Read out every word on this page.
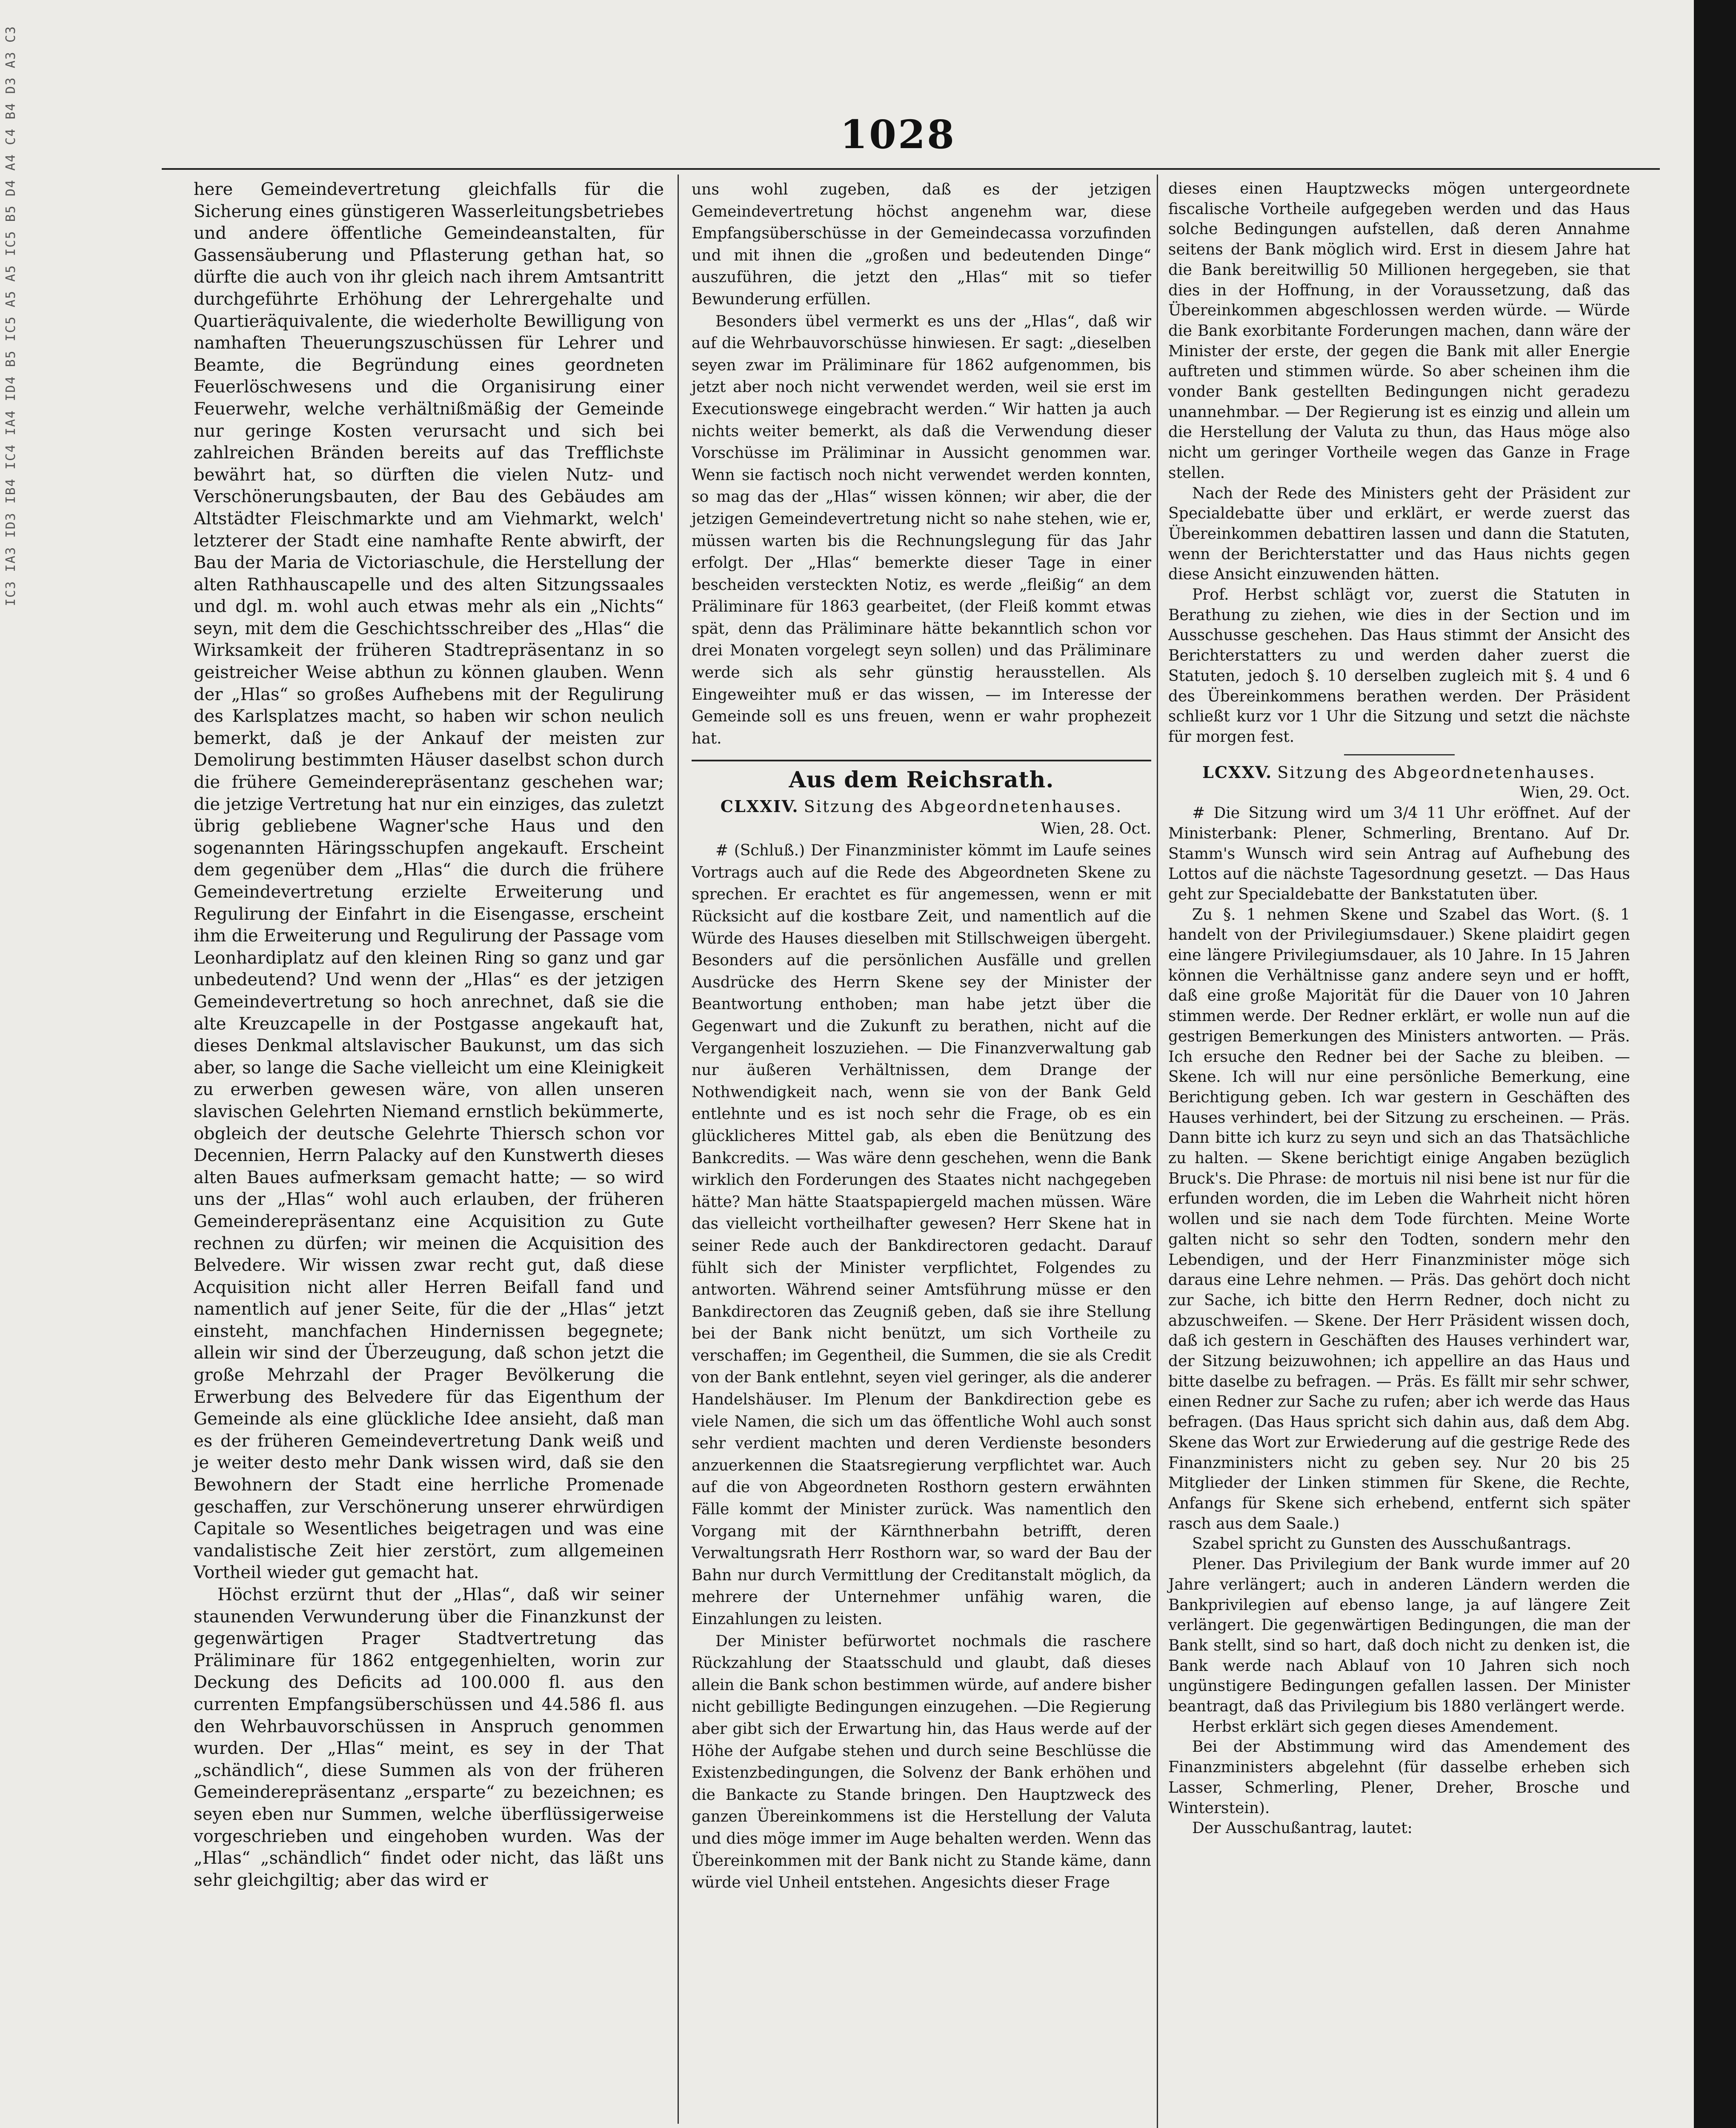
IC3 IA3 ID3 IB4 IC4 IA4 ID4 B5 IC5 A5 A5 IC5 B5 D4 A4 C4 B4 D3 A3 C3	1028

here Gemeindevertretung gleichfalls für die Sicherung eines günstigeren Wasserleitungsbetriebes und andere öffentliche Gemeindeanstalten, für Gassensäuberung und Pflasterung gethan hat, so dürfte die auch von ihr gleich nach ihrem Amtsantritt durchgeführte Erhöhung der Lehrergehalte und Quartieräquivalente, die wiederholte Bewilligung von namhaften Theuerungszuschüssen für Lehrer und Beamte, die Begründung eines geordneten Feuerlöschwesens und die Organisirung einer Feuerwehr, welche verhältnißmäßig der Gemeinde nur geringe Kosten verursacht und sich bei zahlreichen Bränden bereits auf das Trefflichste bewährt hat, so dürften die vielen Nutz- und Verschönerungsbauten, der Bau des Gebäudes am Altstädter Fleischmarkte und am Viehmarkt, welch' letzterer der Stadt eine namhafte Rente abwirft, der Bau der Maria de Victoriaschule, die Herstellung der alten Rathhauscapelle und des alten Sitzungssaales und dgl. m. wohl auch etwas mehr als ein „Nichts“ seyn, mit dem die Geschichtsschreiber des „Hlas“ die Wirksamkeit der früheren Stadtrepräsentanz in so geistreicher Weise abthun zu können glauben. Wenn der „Hlas“ so großes Aufhebens mit der Regulirung des Karlsplatzes macht, so haben wir schon neulich bemerkt, daß je der Ankauf der meisten zur Demolirung bestimmten Häuser daselbst schon durch die frühere Gemeinderepräsentanz geschehen war; die jetzige Vertretung hat nur ein einziges, das zuletzt übrig gebliebene Wagner'sche Haus und den sogenannten Häringsschupfen angekauft. Erscheint dem gegenüber dem „Hlas“ die durch die frühere Gemeindevertretung erzielte Erweiterung und Regulirung der Einfahrt in die Eisengasse, erscheint ihm die Erweiterung und Regulirung der Passage vom Leonhardiplatz auf den kleinen Ring so ganz und gar unbedeutend? Und wenn der „Hlas“ es der jetzigen Gemeindevertretung so hoch anrechnet, daß sie die alte Kreuzcapelle in der Postgasse angekauft hat, dieses Denkmal altslavischer Baukunst, um das sich aber, so lange die Sache vielleicht um eine Kleinigkeit zu erwerben gewesen wäre, von allen unseren slavischen Gelehrten Niemand ernstlich bekümmerte, obgleich der deutsche Gelehrte Thiersch schon vor Decennien, Herrn Palacky auf den Kunstwerth dieses alten Baues aufmerksam gemacht hatte; — so wird uns der „Hlas“ wohl auch erlauben, der früheren Gemeinderepräsentanz eine Acquisition zu Gute rechnen zu dürfen; wir meinen die Acquisition des Belvedere. Wir wissen zwar recht gut, daß diese Acquisition nicht aller Herren Beifall fand und namentlich auf jener Seite, für die der „Hlas“ jetzt einsteht, manchfachen Hindernissen begegnete; allein wir sind der Überzeugung, daß schon jetzt die große Mehrzahl der Prager Bevölkerung die Erwerbung des Belvedere für das Eigenthum der Gemeinde als eine glückliche Idee ansieht, daß man es der früheren Gemeindevertretung Dank weiß und je weiter desto mehr Dank wissen wird, daß sie den Bewohnern der Stadt eine herrliche Promenade geschaffen, zur Verschönerung unserer ehrwürdigen Capitale so Wesentliches beigetragen und was eine vandalistische Zeit hier zerstört, zum allgemeinen Vortheil wieder gut gemacht hat.

Höchst erzürnt thut der „Hlas“, daß wir seiner staunenden Verwunderung über die Finanzkunst der gegenwärtigen Prager Stadtvertretung das Präliminare für 1862 entgegenhielten, worin zur Deckung des Deficits ad 100.000 fl. aus den currenten Empfangsüberschüssen und 44.586 fl. aus den Wehrbauvorschüssen in Anspruch genommen wurden. Der „Hlas“ meint, es sey in der That „schändlich“, diese Summen als von der früheren Gemeinderepräsentanz „ersparte“ zu bezeichnen; es seyen eben nur Summen, welche überflüssigerweise vorgeschrieben und eingehoben wurden. Was der „Hlas“ „schändlich“ findet oder nicht, das läßt uns sehr gleichgiltig; aber das wird er

uns wohl zugeben, daß es der jetzigen Gemeindevertretung höchst angenehm war, diese Empfangsüberschüsse in der Gemeindecassa vorzufinden und mit ihnen die „großen und bedeutenden Dinge“ auszuführen, die jetzt den „Hlas“ mit so tiefer Bewunderung erfüllen.

Besonders übel vermerkt es uns der „Hlas“, daß wir auf die Wehrbauvorschüsse hinwiesen. Er sagt: „dieselben seyen zwar im Präliminare für 1862 aufgenommen, bis jetzt aber noch nicht verwendet werden, weil sie erst im Executionswege eingebracht werden.“ Wir hatten ja auch nichts weiter bemerkt, als daß die Verwendung dieser Vorschüsse im Präliminar in Aussicht genommen war. Wenn sie factisch noch nicht verwendet werden konnten, so mag das der „Hlas“ wissen können; wir aber, die der jetzigen Gemeindevertretung nicht so nahe stehen, wie er, müssen warten bis die Rechnungslegung für das Jahr erfolgt. Der „Hlas“ bemerkte dieser Tage in einer bescheiden versteckten Notiz, es werde „fleißig“ an dem Präliminare für 1863 gearbeitet, (der Fleiß kommt etwas spät, denn das Präliminare hätte bekanntlich schon vor drei Monaten vorgelegt seyn sollen) und das Präliminare werde sich als sehr günstig herausstellen. Als Eingeweihter muß er das wissen, — im Interesse der Gemeinde soll es uns freuen, wenn er wahr prophezeit hat.

Aus dem Reichsrath.
CLXXIV. Sitzung des Abgeordnetenhauses.

Wien, 28. Oct.

# (Schluß.) Der Finanzminister kömmt im Laufe seines Vortrags auch auf die Rede des Abgeordneten Skene zu sprechen. Er erachtet es für angemessen, wenn er mit Rücksicht auf die kostbare Zeit, und namentlich auf die Würde des Hauses dieselben mit Stillschweigen übergeht. Besonders auf die persönlichen Ausfälle und grellen Ausdrücke des Herrn Skene sey der Minister der Beantwortung enthoben; man habe jetzt über die Gegenwart und die Zukunft zu berathen, nicht auf die Vergangenheit loszuziehen. — Die Finanzverwaltung gab nur äußeren Verhältnissen, dem Drange der Nothwendigkeit nach, wenn sie von der Bank Geld entlehnte und es ist noch sehr die Frage, ob es ein glücklicheres Mittel gab, als eben die Benützung des Bankcredits. — Was wäre denn geschehen, wenn die Bank wirklich den Forderungen des Staates nicht nachgegeben hätte? Man hätte Staatspapiergeld machen müssen. Wäre das vielleicht vortheilhafter gewesen? Herr Skene hat in seiner Rede auch der Bankdirectoren gedacht. Darauf fühlt sich der Minister verpflichtet, Folgendes zu antworten. Während seiner Amtsführung müsse er den Bankdirectoren das Zeugniß geben, daß sie ihre Stellung bei der Bank nicht benützt, um sich Vortheile zu verschaffen; im Gegentheil, die Summen, die sie als Credit von der Bank entlehnt, seyen viel geringer, als die anderer Handelshäuser. Im Plenum der Bankdirection gebe es viele Namen, die sich um das öffentliche Wohl auch sonst sehr verdient machten und deren Verdienste besonders anzuerkennen die Staatsregierung verpflichtet war. Auch auf die von Abgeordneten Rosthorn gestern erwähnten Fälle kommt der Minister zurück. Was namentlich den Vorgang mit der Kärnthnerbahn betrifft, deren Verwaltungsrath Herr Rosthorn war, so ward der Bau der Bahn nur durch Vermittlung der Creditanstalt möglich, da mehrere der Unternehmer unfähig waren, die Einzahlungen zu leisten.

Der Minister befürwortet nochmals die raschere Rückzahlung der Staatsschuld und glaubt, daß dieses allein die Bank schon bestimmen würde, auf andere bisher nicht gebilligte Bedingungen einzugehen. —Die Regierung aber gibt sich der Erwartung hin, das Haus werde auf der Höhe der Aufgabe stehen und durch seine Beschlüsse die Existenzbedingungen, die Solvenz der Bank erhöhen und die Bankacte zu Stande bringen. Den Hauptzweck des ganzen Übereinkommens ist die Herstellung der Valuta und dies möge immer im Auge behalten werden. Wenn das Übereinkommen mit der Bank nicht zu Stande käme, dann würde viel Unheil entstehen. Angesichts dieser Frage

dieses einen Hauptzwecks mögen untergeordnete fiscalische Vortheile aufgegeben werden und das Haus solche Bedingungen aufstellen, daß deren Annahme seitens der Bank möglich wird. Erst in diesem Jahre hat die Bank bereitwillig 50 Millionen hergegeben, sie that dies in der Hoffnung, in der Voraussetzung, daß das Übereinkommen abgeschlossen werden würde. — Würde die Bank exorbitante Forderungen machen, dann wäre der Minister der erste, der gegen die Bank mit aller Energie auftreten und stimmen würde. So aber scheinen ihm die vonder Bank gestellten Bedingungen nicht geradezu unannehmbar. — Der Regierung ist es einzig und allein um die Herstellung der Valuta zu thun, das Haus möge also nicht um geringer Vortheile wegen das Ganze in Frage stellen.

Nach der Rede des Ministers geht der Präsident zur Specialdebatte über und erklärt, er werde zuerst das Übereinkommen debattiren lassen und dann die Statuten, wenn der Berichterstatter und das Haus nichts gegen diese Ansicht einzuwenden hätten.

Prof. Herbst schlägt vor, zuerst die Statuten in Berathung zu ziehen, wie dies in der Section und im Ausschusse geschehen. Das Haus stimmt der Ansicht des Berichterstatters zu und werden daher zuerst die Statuten, jedoch §. 10 derselben zugleich mit §. 4 und 6 des Übereinkommens berathen werden. Der Präsident schließt kurz vor 1 Uhr die Sitzung und setzt die nächste für morgen fest.

LCXXV. Sitzung des Abgeordnetenhauses.

Wien, 29. Oct.

# Die Sitzung wird um 3/4 11 Uhr eröffnet. Auf der Ministerbank: Plener, Schmerling, Brentano. Auf Dr. Stamm's Wunsch wird sein Antrag auf Aufhebung des Lottos auf die nächste Tagesordnung gesetzt. — Das Haus geht zur Specialdebatte der Bankstatuten über.

Zu §. 1 nehmen Skene und Szabel das Wort. (§. 1 handelt von der Privilegiumsdauer.) Skene plaidirt gegen eine längere Privilegiumsdauer, als 10 Jahre. In 15 Jahren können die Verhältnisse ganz andere seyn und er hofft, daß eine große Majorität für die Dauer von 10 Jahren stimmen werde. Der Redner erklärt, er wolle nun auf die gestrigen Bemerkungen des Ministers antworten. — Präs. Ich ersuche den Redner bei der Sache zu bleiben. — Skene. Ich will nur eine persönliche Bemerkung, eine Berichtigung geben. Ich war gestern in Geschäften des Hauses verhindert, bei der Sitzung zu erscheinen. — Präs. Dann bitte ich kurz zu seyn und sich an das Thatsächliche zu halten. — Skene berichtigt einige Angaben bezüglich Bruck's. Die Phrase: de mortuis nil nisi bene ist nur für die erfunden worden, die im Leben die Wahrheit nicht hören wollen und sie nach dem Tode fürchten. Meine Worte galten nicht so sehr den Todten, sondern mehr den Lebendigen, und der Herr Finanzminister möge sich daraus eine Lehre nehmen. — Präs. Das gehört doch nicht zur Sache, ich bitte den Herrn Redner, doch nicht zu abzuschweifen. — Skene. Der Herr Präsident wissen doch, daß ich gestern in Geschäften des Hauses verhindert war, der Sitzung beizuwohnen; ich appellire an das Haus und bitte daselbe zu befragen. — Präs. Es fällt mir sehr schwer, einen Redner zur Sache zu rufen; aber ich werde das Haus befragen. (Das Haus spricht sich dahin aus, daß dem Abg. Skene das Wort zur Erwiederung auf die gestrige Rede des Finanzministers nicht zu geben sey. Nur 20 bis 25 Mitglieder der Linken stimmen für Skene, die Rechte, Anfangs für Skene sich erhebend, entfernt sich später rasch aus dem Saale.)

Szabel spricht zu Gunsten des Ausschußantrags.

Plener. Das Privilegium der Bank wurde immer auf 20 Jahre verlängert; auch in anderen Ländern werden die Bankprivilegien auf ebenso lange, ja auf längere Zeit verlängert. Die gegenwärtigen Bedingungen, die man der Bank stellt, sind so hart, daß doch nicht zu denken ist, die Bank werde nach Ablauf von 10 Jahren sich noch ungünstigere Bedingungen gefallen lassen. Der Minister beantragt, daß das Privilegium bis 1880 verlängert werde.

Herbst erklärt sich gegen dieses Amendement.

Bei der Abstimmung wird das Amendement des Finanzministers abgelehnt (für dasselbe erheben sich Lasser, Schmerling, Plener, Dreher, Brosche und Winterstein).

Der Ausschußantrag, lautet:
